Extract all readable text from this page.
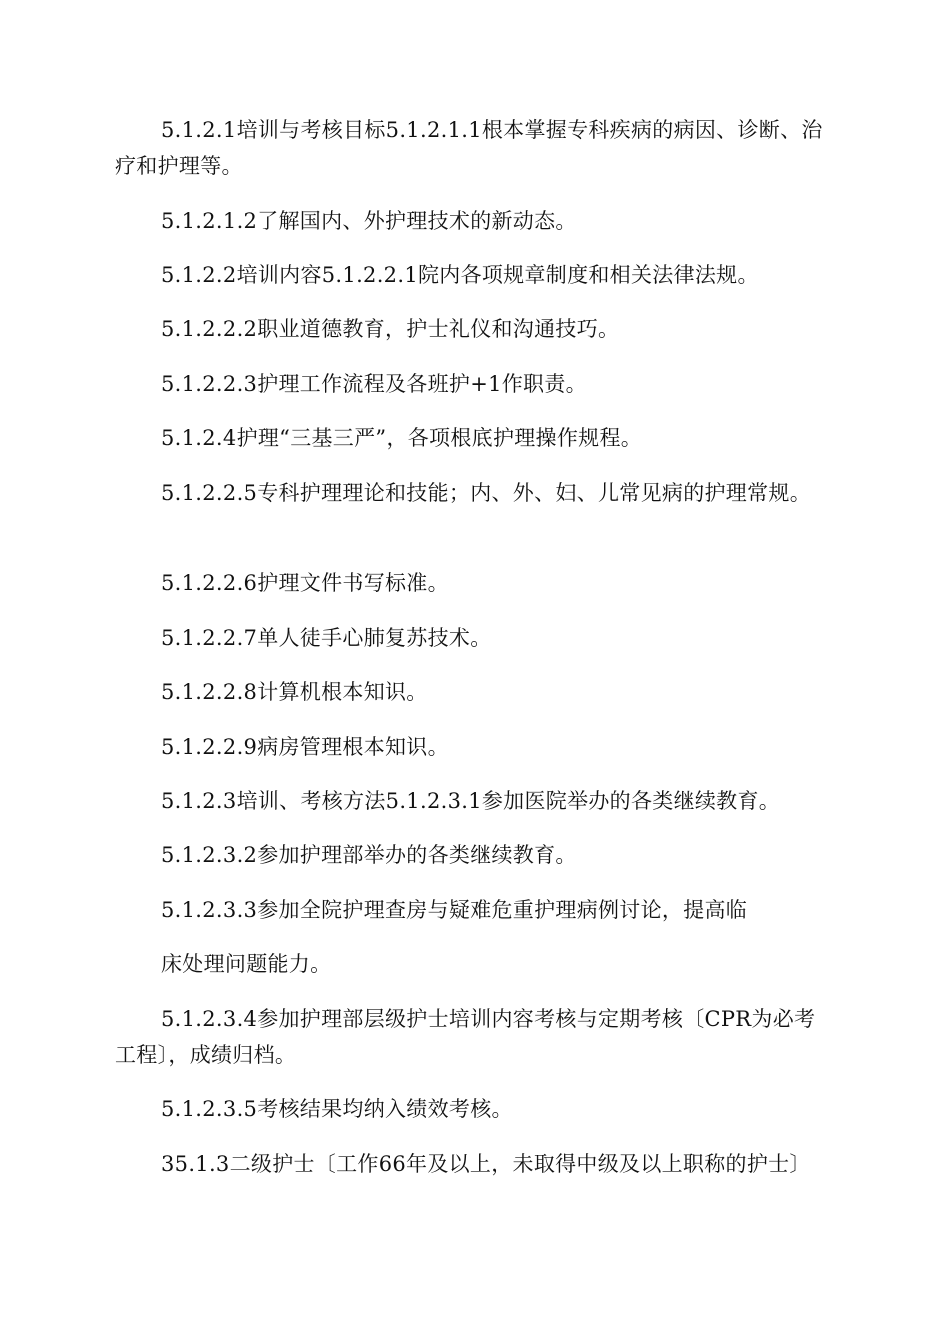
5.1.2.1培训与考核目标5.1.2.1.1根本掌握专科疾病的病因、诊断、治疗和护理等。

5.1.2.1.2了解国内、外护理技术的新动态。

5.1.2.2培训内容5.1.2.2.1院内各项规章制度和相关法律法规。

5.1.2.2.2职业道德教育，护士礼仪和沟通技巧。

5.1.2.2.3护理工作流程及各班护+1作职责。

5.1.2.4护理“三基三严”，各项根底护理操作规程。

5.1.2.2.5专科护理理论和技能；内、外、妇、儿常见病的护理常规。

5.1.2.2.6护理文件书写标准。

5.1.2.2.7单人徒手心肺复苏技术。

5.1.2.2.8计算机根本知识。

5.1.2.2.9病房管理根本知识。

5.1.2.3培训、考核方法5.1.2.3.1参加医院举办的各类继续教育。

5.1.2.3.2参加护理部举办的各类继续教育。

5.1.2.3.3参加全院护理查房与疑难危重护理病例讨论，提高临

床处理问题能力。

5.1.2.3.4参加护理部层级护士培训内容考核与定期考核〔CPR为必考工程〕，成绩归档。

5.1.2.3.5考核结果均纳入绩效考核。

35.1.3二级护士〔工作66年及以上，未取得中级及以上职称的护士〕
